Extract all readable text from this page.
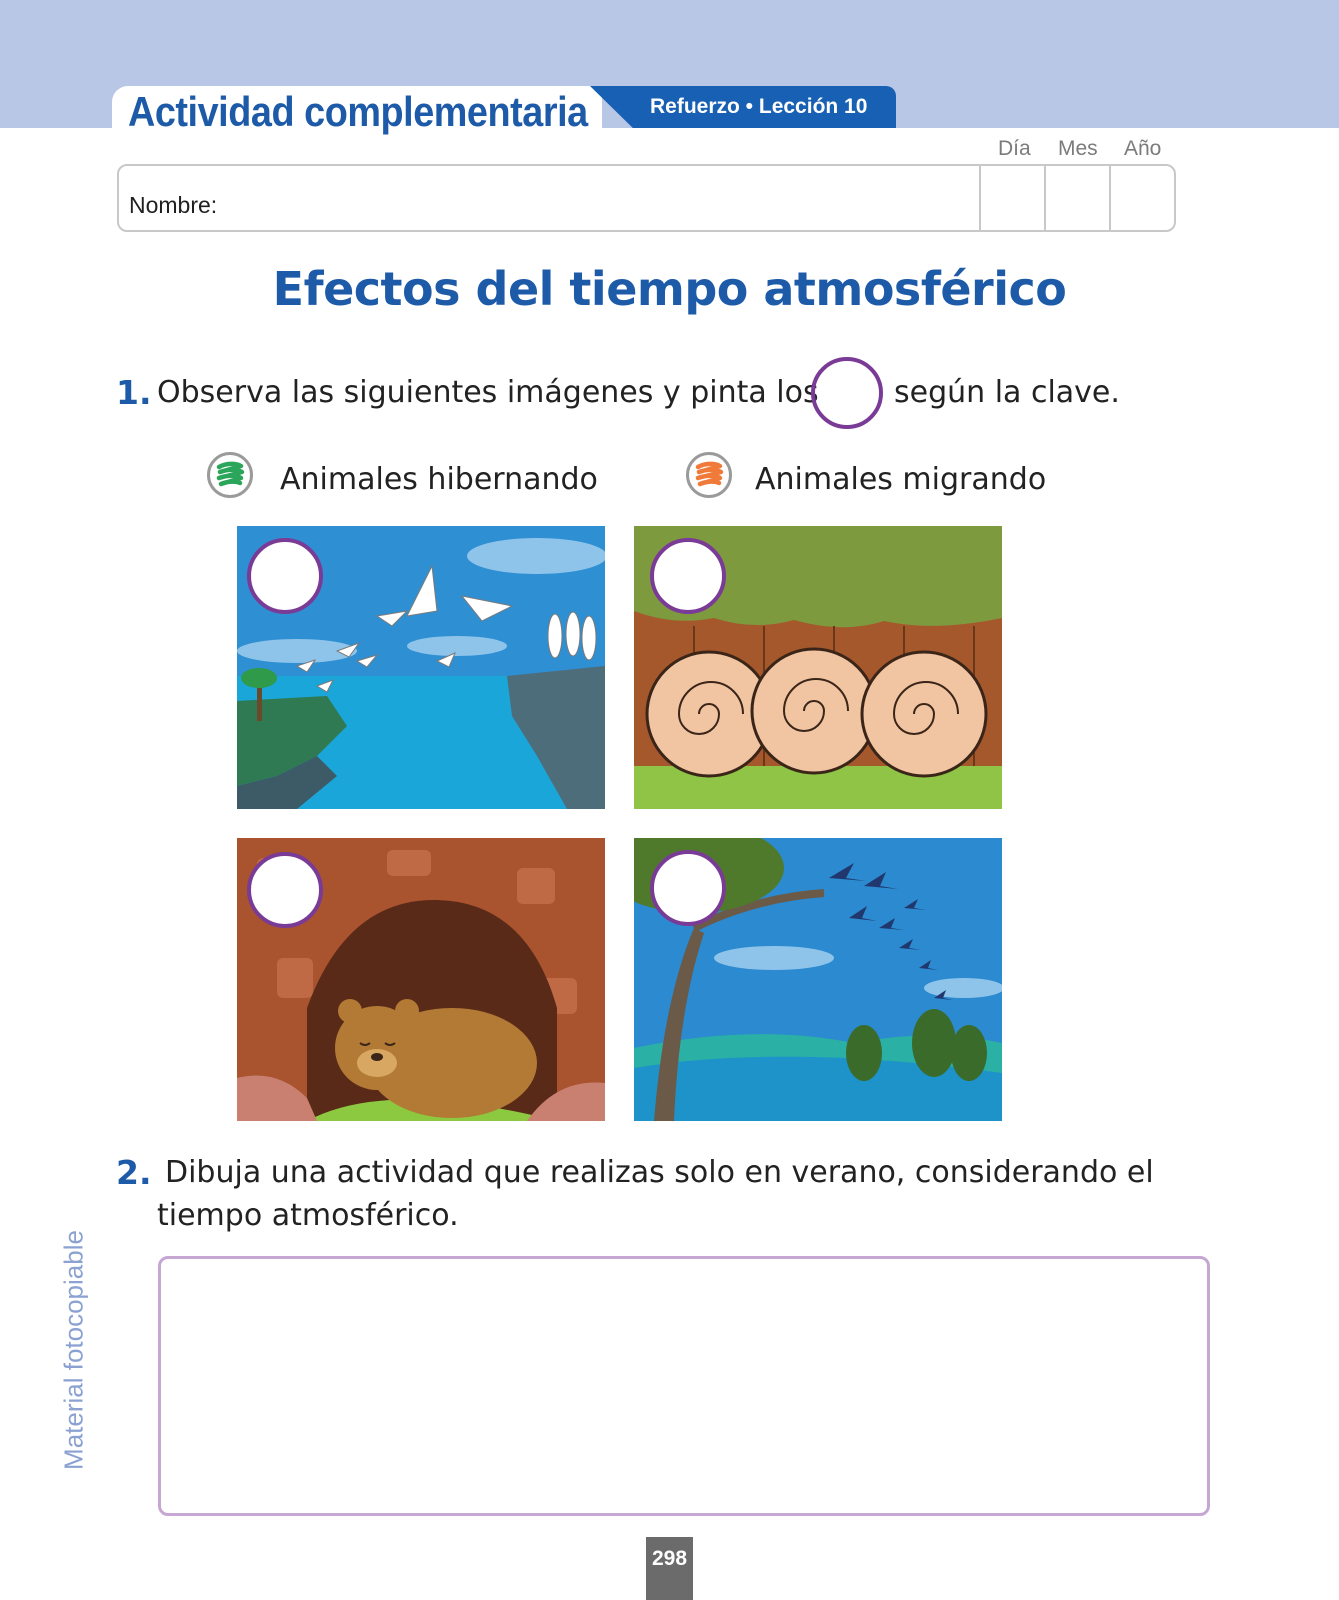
Actividad complementaria	Refuerzo • Lección 10
Día Mes Año
Nombre:
Efectos del tiempo atmosférico
1. Observa las siguientes imágenes y pinta los	según la clave.
Animales hibernando	Animales migrando
2. Dibuja una actividad que realizas solo en verano, considerando el
tiempo atmosférico.
Material fotocopiable
298
